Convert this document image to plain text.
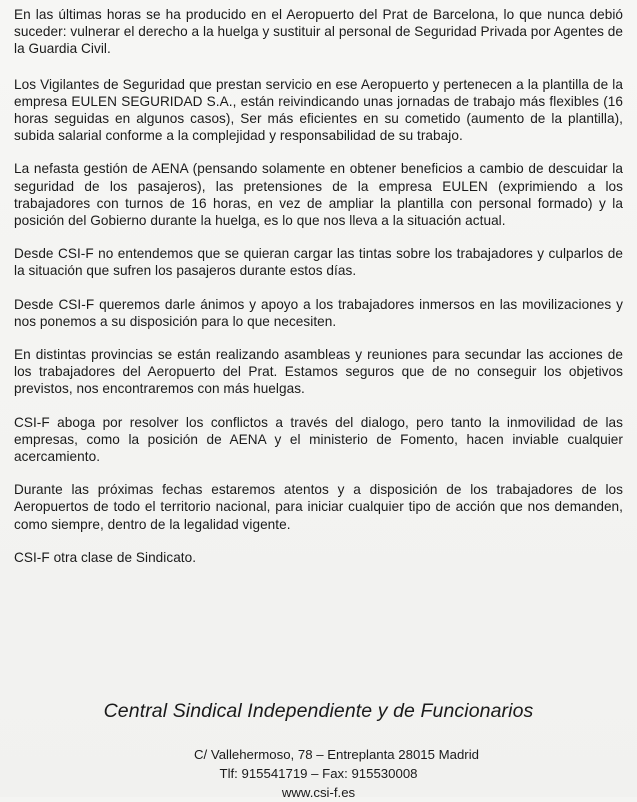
En las últimas horas se ha producido en el Aeropuerto del Prat de Barcelona, lo que nunca debió suceder: vulnerar el derecho a la huelga y sustituir al personal de Seguridad Privada por Agentes de la Guardia Civil.

Los Vigilantes de Seguridad que prestan servicio en ese Aeropuerto y pertenecen a la plantilla de la empresa EULEN SEGURIDAD S.A., están reivindicando unas jornadas de trabajo más flexibles (16 horas seguidas en algunos casos), Ser más eficientes en su cometido (aumento de la plantilla), subida salarial conforme a la complejidad y responsabilidad de su trabajo.

La nefasta gestión de AENA (pensando solamente en obtener beneficios a cambio de descuidar la seguridad de los pasajeros), las pretensiones de la empresa EULEN (exprimiendo a los trabajadores con turnos de 16 horas, en vez de ampliar la plantilla con personal formado) y la posición del Gobierno durante la huelga, es lo que nos lleva a la situación actual.

Desde CSI-F no entendemos que se quieran cargar las tintas sobre los trabajadores y culparlos de la situación que sufren los pasajeros durante estos días.

Desde CSI-F queremos darle ánimos y apoyo a los trabajadores inmersos en las movilizaciones y nos ponemos a su disposición para lo que necesiten.

En distintas provincias se están realizando asambleas y reuniones para secundar las acciones de los trabajadores del Aeropuerto del Prat. Estamos seguros que de no conseguir los objetivos previstos, nos encontraremos con más huelgas.

CSI-F aboga por resolver los conflictos a través del dialogo, pero tanto la inmovilidad de las empresas, como la posición de AENA y el ministerio de Fomento, hacen inviable cualquier acercamiento.

Durante las próximas fechas estaremos atentos y a disposición de los trabajadores de los Aeropuertos de todo el territorio nacional, para iniciar cualquier tipo de acción que nos demanden, como siempre, dentro de la legalidad vigente.

CSI-F otra clase de Sindicato.

Central Sindical Independiente y de Funcionarios
C/ Vallehermoso, 78 – Entreplanta 28015 Madrid
Tlf: 915541719 – Fax: 915530008
www.csi-f.es
